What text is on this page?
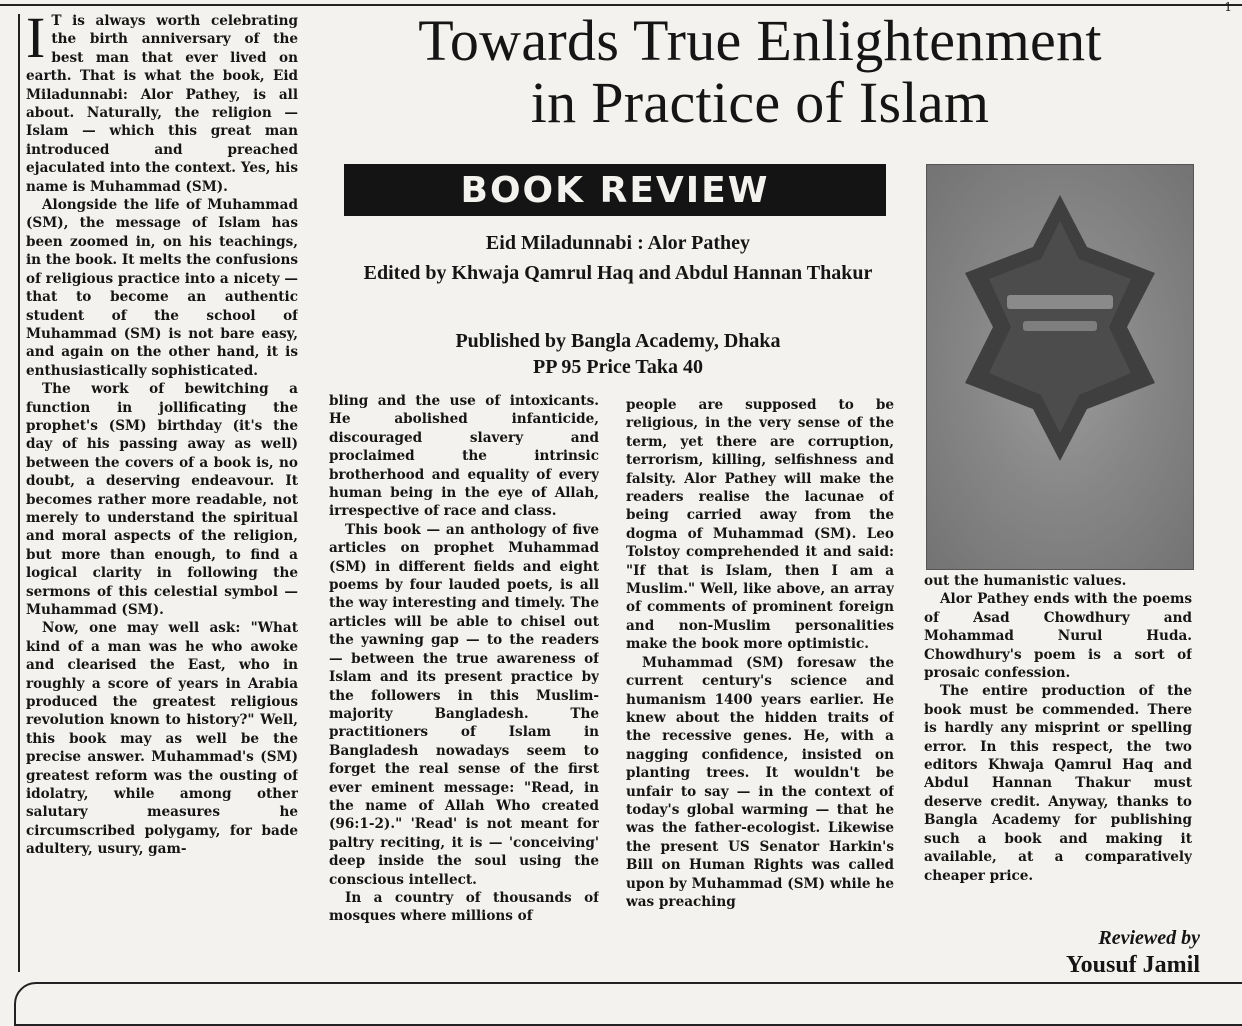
1
Towards True Enlightenment
in Practice of Islam
BOOK REVIEW
Eid Miladunnabi : Alor Pathey
Edited by Khwaja Qamrul Haq and Abdul Hannan Thakur
Published by Bangla Academy, Dhaka
PP 95 Price Taka 40
I T is always worth celebrating the birth anniversary of the best man that ever lived on earth. That is what the book, Eid Miladunnabi: Alor Pathey, is all about. Naturally, the religion — Islam — which this great man introduced and preached ejaculated into the context. Yes, his name is Muhammad (SM).

Alongside the life of Muhammad (SM), the message of Islam has been zoomed in, on his teachings, in the book. It melts the confusions of religious practice into a nicety — that to become an authentic student of the school of Muhammad (SM) is not bare easy, and again on the other hand, it is enthusiastically sophisticated.

The work of bewitching a function in jollificating the prophet's (SM) birthday (it's the day of his passing away as well) between the covers of a book is, no doubt, a deserving endeavour. It becomes rather more readable, not merely to understand the spiritual and moral aspects of the religion, but more than enough, to find a logical clarity in following the sermons of this celestial symbol — Muhammad (SM).

Now, one may well ask: "What kind of a man was he who awoke and clearised the East, who in roughly a score of years in Arabia produced the greatest religious revolution known to history?" Well, this book may as well be the precise answer. Muhammad's (SM) greatest reform was the ousting of idolatry, while among other salutary measures he circumscribed polygamy, for bade adultery, usury, gam-

bling and the use of intoxicants. He abolished infanticide, discouraged slavery and proclaimed the intrinsic brotherhood and equality of every human being in the eye of Allah, irrespective of race and class.

This book — an anthology of five articles on prophet Muhammad (SM) in different fields and eight poems by four lauded poets, is all the way interesting and timely. The articles will be able to chisel out the yawning gap — to the readers — between the true awareness of Islam and its present practice by the followers in this Muslim-majority Bangladesh. The practitioners of Islam in Bangladesh nowadays seem to forget the real sense of the first ever eminent message: "Read, in the name of Allah Who created (96:1-2)." 'Read' is not meant for paltry reciting, it is — 'conceiving' deep inside the soul using the conscious intellect.

In a country of thousands of mosques where millions of

people are supposed to be religious, in the very sense of the term, yet there are corruption, terrorism, killing, selfishness and falsity. Alor Pathey will make the readers realise the lacunae of being carried away from the dogma of Muhammad (SM). Leo Tolstoy comprehended it and said: "If that is Islam, then I am a Muslim." Well, like above, an array of comments of prominent foreign and non-Muslim personalities make the book more optimistic.

Muhammad (SM) foresaw the current century's science and humanism 1400 years earlier. He knew about the hidden traits of the recessive genes. He, with a nagging confidence, insisted on planting trees. It wouldn't be unfair to say — in the context of today's global warming — that he was the father-ecologist. Likewise the present US Senator Harkin's Bill on Human Rights was called upon by Muhammad (SM) while he was preaching

out the humanistic values.

Alor Pathey ends with the poems of Asad Chowdhury and Mohammad Nurul Huda. Chowdhury's poem is a sort of prosaic confession.

The entire production of the book must be commended. There is hardly any misprint or spelling error. In this respect, the two editors Khwaja Qamrul Haq and Abdul Hannan Thakur must deserve credit. Anyway, thanks to Bangla Academy for publishing such a book and making it available, at a comparatively cheaper price.

Reviewed by
Yousuf Jamil
